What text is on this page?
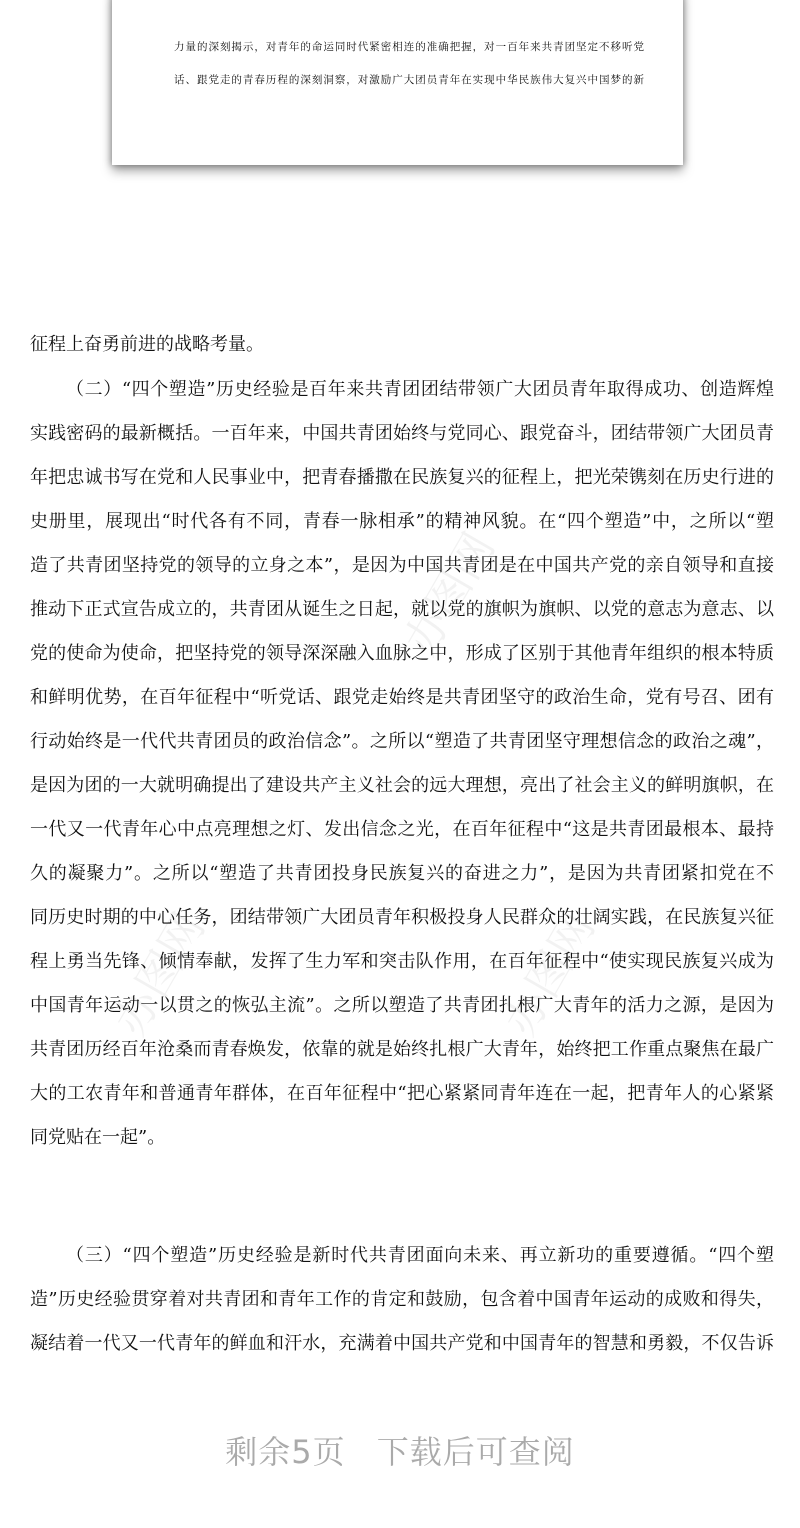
力量的深刻揭示，对青年的命运同时代紧密相连的准确把握，对一百年来共青团坚定不移听党
话、跟党走的青春历程的深刻洞察，对激励广大团员青年在实现中华民族伟大复兴中国梦的新
征程上奋勇前进的战略考量。
（二）“四个塑造”历史经验是百年来共青团团结带领广大团员青年取得成功、创造辉煌
实践密码的最新概括。一百年来，中国共青团始终与党同心、跟党奋斗，团结带领广大团员青
年把忠诚书写在党和人民事业中，把青春播撒在民族复兴的征程上，把光荣镌刻在历史行进的
史册里，展现出“时代各有不同，青春一脉相承”的精神风貌。在“四个塑造”中，之所以“塑
造了共青团坚持党的领导的立身之本”，是因为中国共青团是在中国共产党的亲自领导和直接
推动下正式宣告成立的，共青团从诞生之日起，就以党的旗帜为旗帜、以党的意志为意志、以
党的使命为使命，把坚持党的领导深深融入血脉之中，形成了区别于其他青年组织的根本特质
和鲜明优势，在百年征程中“听党话、跟党走始终是共青团坚守的政治生命，党有号召、团有
行动始终是一代代共青团员的政治信念”。之所以“塑造了共青团坚守理想信念的政治之魂”，
是因为团的一大就明确提出了建设共产主义社会的远大理想，亮出了社会主义的鲜明旗帜，在
一代又一代青年心中点亮理想之灯、发出信念之光，在百年征程中“这是共青团最根本、最持
久的凝聚力”。之所以“塑造了共青团投身民族复兴的奋进之力”，是因为共青团紧扣党在不
同历史时期的中心任务，团结带领广大团员青年积极投身人民群众的壮阔实践，在民族复兴征
程上勇当先锋、倾情奉献，发挥了生力军和突击队作用，在百年征程中“使实现民族复兴成为
中国青年运动一以贯之的恢弘主流”。之所以塑造了共青团扎根广大青年的活力之源，是因为
共青团历经百年沧桑而青春焕发，依靠的就是始终扎根广大青年，始终把工作重点聚焦在最广
大的工农青年和普通青年群体，在百年征程中“把心紧紧同青年连在一起，把青年人的心紧紧
同党贴在一起”。
（三）“四个塑造”历史经验是新时代共青团面向未来、再立新功的重要遵循。“四个塑
造”历史经验贯穿着对共青团和青年工作的肯定和鼓励，包含着中国青年运动的成败和得失，
凝结着一代又一代青年的鲜血和汗水，充满着中国共产党和中国青年的智慧和勇毅，不仅告诉
办图网
办图网
办图网
剩余5页 下载后可查阅
